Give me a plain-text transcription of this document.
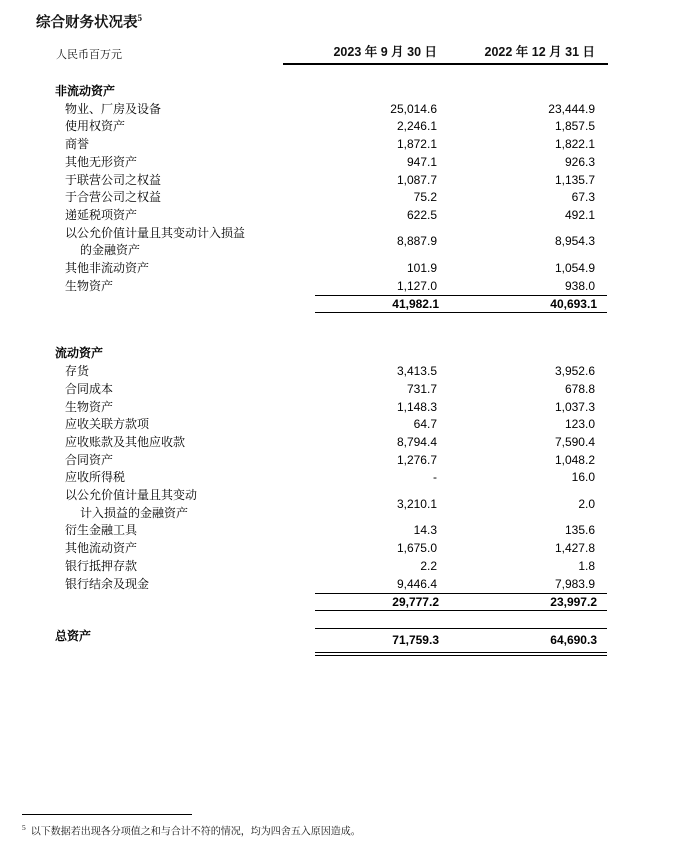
综合财务状况表$^5$
人民币百万元	2023 年 9 月 30 日	2022 年 12 月 31 日
非流动资产
物业、厂房及设备	25,014.6	23,444.9
使用权资产	2,246.1	1,857.5
商誉	1,872.1	1,822.1
其他无形资产	947.1	926.3
于联营公司之权益	1,087.7	1,135.7
于合营公司之权益	75.2	67.3
递延税项资产	622.5	492.1
以公允价值计量且其变动计入损益
的金融资产
8,887.9	8,954.3
其他非流动资产	101.9	1,054.9
生物资产	1,127.0	938.0
41,982.1	40,693.1
流动资产
存货	3,413.5	3,952.6
合同成本	731.7	678.8
生物资产	1,148.3	1,037.3
应收关联方款项	64.7	123.0
应收账款及其他应收款	8,794.4	7,590.4
合同资产	1,276.7	1,048.2
应收所得税	-	16.0
以公允价值计量且其变动
计入损益的金融资产
3,210.1	2.0
衍生金融工具	14.3	135.6
其他流动资产	1,675.0	1,427.8
银行抵押存款	2.2	1.8
银行结余及现金	9,446.4	7,983.9
29,777.2	23,997.2
总资产	71,759.3	64,690.3
$^5$ 以下数据若出现各分项值之和与合计不符的情况，均为四舍五入原因造成。
